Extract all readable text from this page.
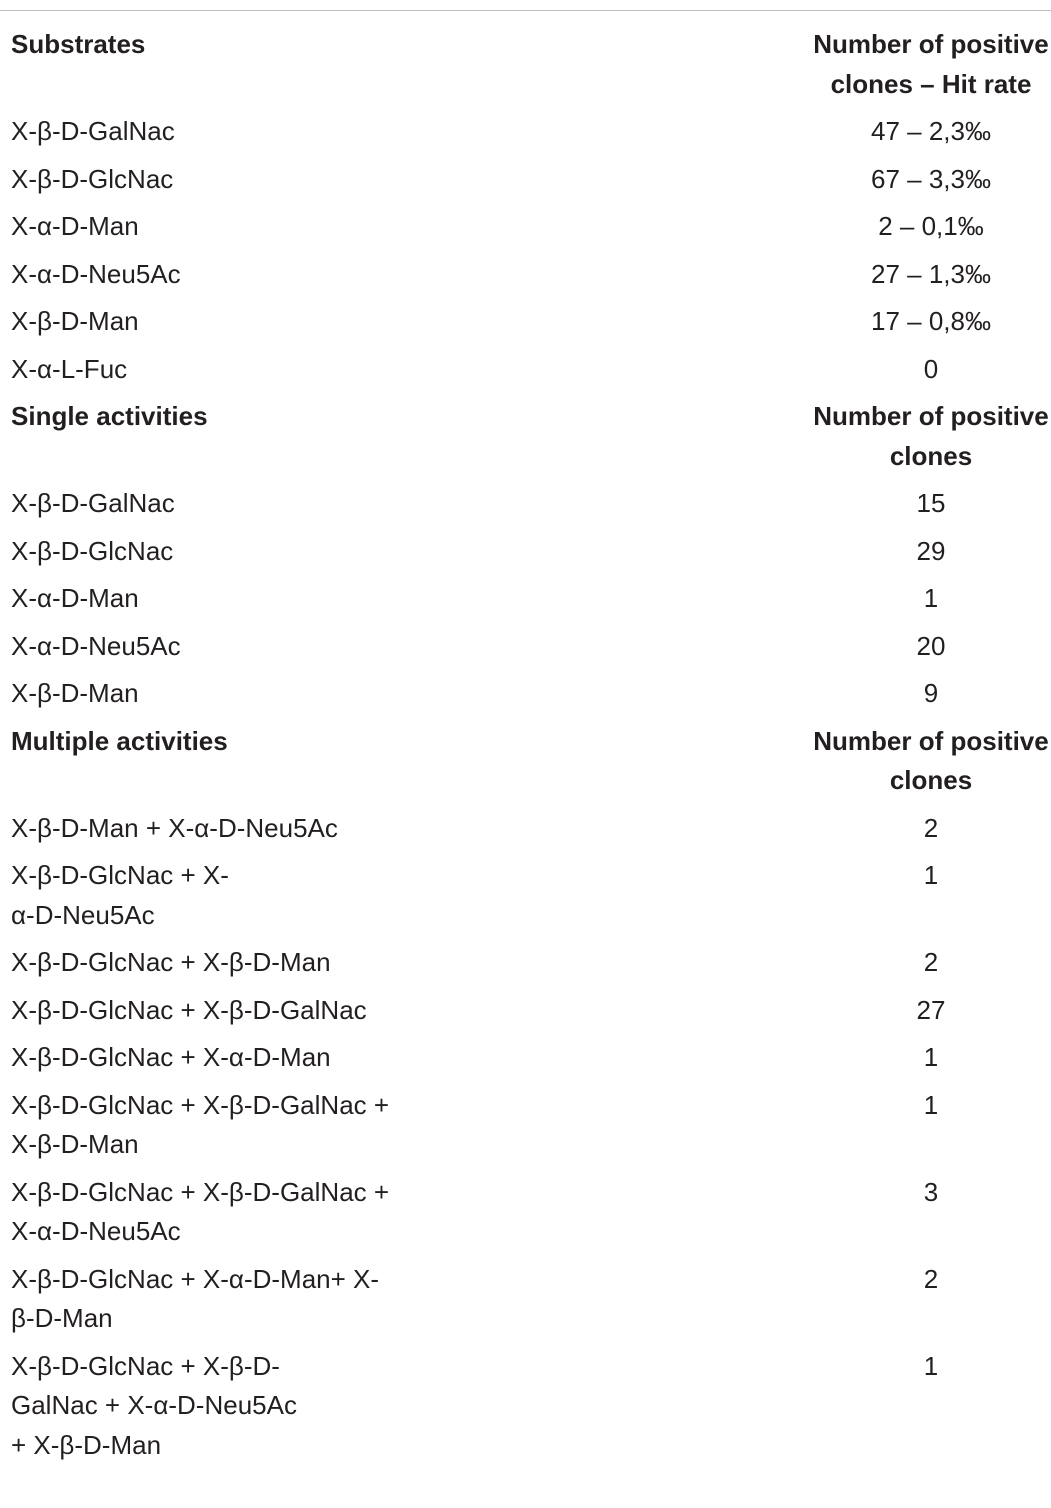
Substrates	Number of positive clones – Hit rate
X-β-D-GalNac	47 – 2,3‰
X-β-D-GlcNac	67 – 3,3‰
X-α-D-Man	2 – 0,1‰
X-α-D-Neu5Ac	27 – 1,3‰
X-β-D-Man	17 – 0,8‰
X-α-L-Fuc	0
Single activities	Number of positive clones
X-β-D-GalNac	15
X-β-D-GlcNac	29
X-α-D-Man	1
X-α-D-Neu5Ac	20
X-β-D-Man	9
Multiple activities	Number of positive clones
X-β-D-Man + X-α-D-Neu5Ac	2
X-β-D-GlcNac + X-α-D-Neu5Ac	1
X-β-D-GlcNac + X-β-D-Man	2
X-β-D-GlcNac + X-β-D-GalNac	27
X-β-D-GlcNac + X-α-D-Man	1
X-β-D-GlcNac + X-β-D-GalNac + X-β-D-Man	1
X-β-D-GlcNac + X-β-D-GalNac + X-α-D-Neu5Ac	3
X-β-D-GlcNac + X-α-D-Man+ X-β-D-Man	2
X-β-D-GlcNac + X-β-D-GalNac + X-α-D-Neu5Ac + X-β-D-Man	1
